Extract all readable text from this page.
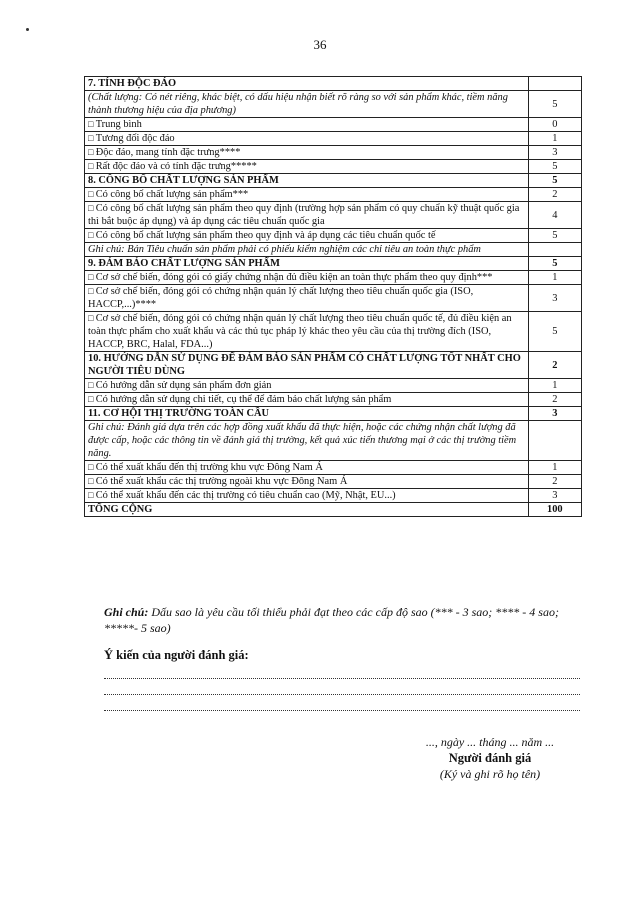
36
7. TÍNH ĐỘC ĐÁO	
(Chất lượng: Có nét riêng, khác biệt, có dấu hiệu nhận biết rõ ràng so với sản phẩm khác, tiềm năng thành thương hiệu của địa phương)	5
□ Trung bình	0
□ Tương đối độc đáo	1
□ Độc đáo, mang tính đặc trưng****	3
□ Rất độc đáo và có tính đặc trưng*****	5
8. CÔNG BỐ CHẤT LƯỢNG SẢN PHẨM	5
□ Có công bố chất lượng sản phẩm***	2
□ Có công bố chất lượng sản phẩm theo quy định (trường hợp sản phẩm có quy chuẩn kỹ thuật quốc gia thì bắt buộc áp dụng) và áp dụng các tiêu chuẩn quốc gia	4
□ Có công bố chất lượng sản phẩm theo quy định và áp dụng các tiêu chuẩn quốc tế	5
Ghi chú: Bản Tiêu chuẩn sản phẩm phải có phiếu kiểm nghiệm các chỉ tiêu an toàn thực phẩm	
9. ĐẢM BẢO CHẤT LƯỢNG SẢN PHẨM	5
□ Cơ sở chế biến, đóng gói có giấy chứng nhận đủ điều kiện an toàn thực phẩm theo quy định***	1
□ Cơ sở chế biến, đóng gói có chứng nhận quản lý chất lượng theo tiêu chuẩn quốc gia (ISO, HACCP,...)****	3
□ Cơ sở chế biến, đóng gói có chứng nhận quản lý chất lượng theo tiêu chuẩn quốc tế, đủ điều kiện an toàn thực phẩm cho xuất khẩu và các thủ tục pháp lý khác theo yêu cầu của thị trường đích (ISO, HACCP, BRC, Halal, FDA...)	5
10. HƯỚNG DẪN SỬ DỤNG ĐỂ ĐẢM BẢO SẢN PHẨM CÓ CHẤT LƯỢNG TỐT NHẤT CHO NGƯỜI TIÊU DÙNG	2
□ Có hướng dẫn sử dụng sản phẩm đơn giản	1
□ Có hướng dẫn sử dụng chi tiết, cụ thể để đảm bảo chất lượng sản phẩm	2
11. CƠ HỘI THỊ TRƯỜNG TOÀN CẦU	3
Ghi chú: Đánh giá dựa trên các hợp đồng xuất khẩu đã thực hiện, hoặc các chứng nhận chất lượng đã được cấp, hoặc các thông tin về đánh giá thị trường, kết quả xúc tiến thương mại ở các thị trường tiềm năng.	
□ Có thể xuất khẩu đến thị trường khu vực Đông Nam Á	1
□ Có thể xuất khẩu các thị trường ngoài khu vực Đông Nam Á	2
□ Có thể xuất khẩu đến các thị trường có tiêu chuẩn cao (Mỹ, Nhật, EU...)	3
TỔNG CỘNG	100
Ghi chú: Dấu sao là yêu cầu tối thiểu phải đạt theo các cấp độ sao (*** - 3 sao; **** - 4 sao; *****- 5 sao)
Ý kiến của người đánh giá:
..., ngày ... tháng ... năm ...
Người đánh giá
(Ký và ghi rõ họ tên)
